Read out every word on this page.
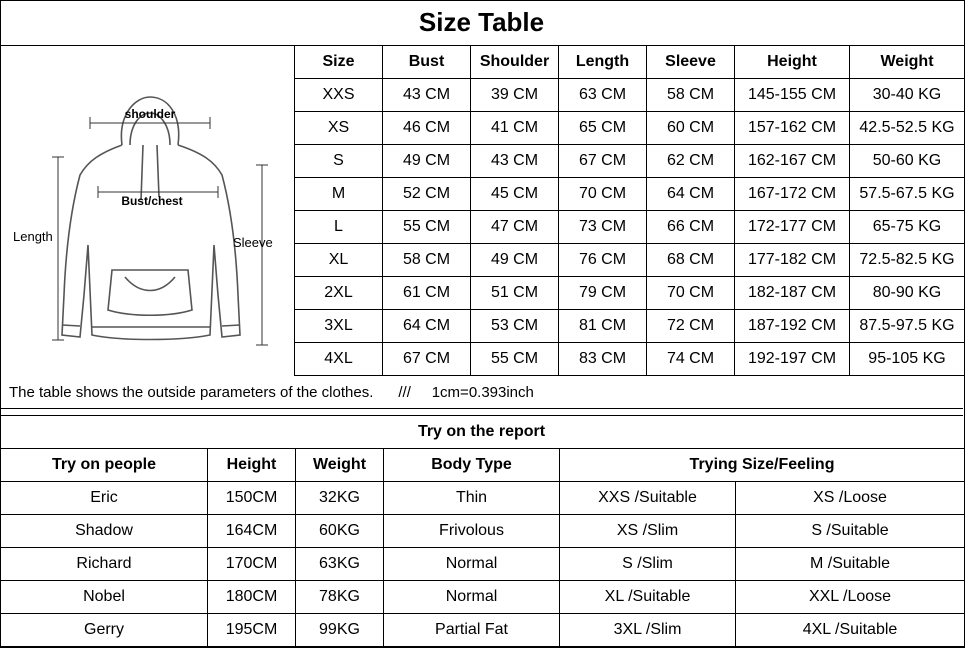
Size Table
shoulder
Bust/chest
Length	Sleeve
Size	Bust	Shoulder	Length	Sleeve	Height	Weight
XXS	43 CM	39 CM	63 CM	58 CM	145-155 CM	30-40 KG
XS	46 CM	41 CM	65 CM	60 CM	157-162 CM	42.5-52.5 KG
S	49 CM	43 CM	67 CM	62 CM	162-167 CM	50-60 KG
M	52 CM	45 CM	70 CM	64 CM	167-172 CM	57.5-67.5 KG
L	55 CM	47 CM	73 CM	66 CM	172-177 CM	65-75 KG
XL	58 CM	49 CM	76 CM	68 CM	177-182 CM	72.5-82.5 KG
2XL	61 CM	51 CM	79 CM	70 CM	182-187 CM	80-90 KG
3XL	64 CM	53 CM	81 CM	72 CM	187-192 CM	87.5-97.5 KG
4XL	67 CM	55 CM	83 CM	74 CM	192-197 CM	95-105 KG
The table shows the outside parameters of the clothes.      ///     1cm=0.393inch
Try on the report
Try on people	Height	Weight	Body Type	Trying Size/Feeling	
Eric	150CM	32KG	Thin	XXS /Suitable	XS /Loose
Shadow	164CM	60KG	Frivolous	XS /Slim	S /Suitable
Richard	170CM	63KG	Normal	S /Slim	M /Suitable
Nobel	180CM	78KG	Normal	XL /Suitable	XXL /Loose
Gerry	195CM	99KG	Partial Fat	3XL /Slim	4XL /Suitable
